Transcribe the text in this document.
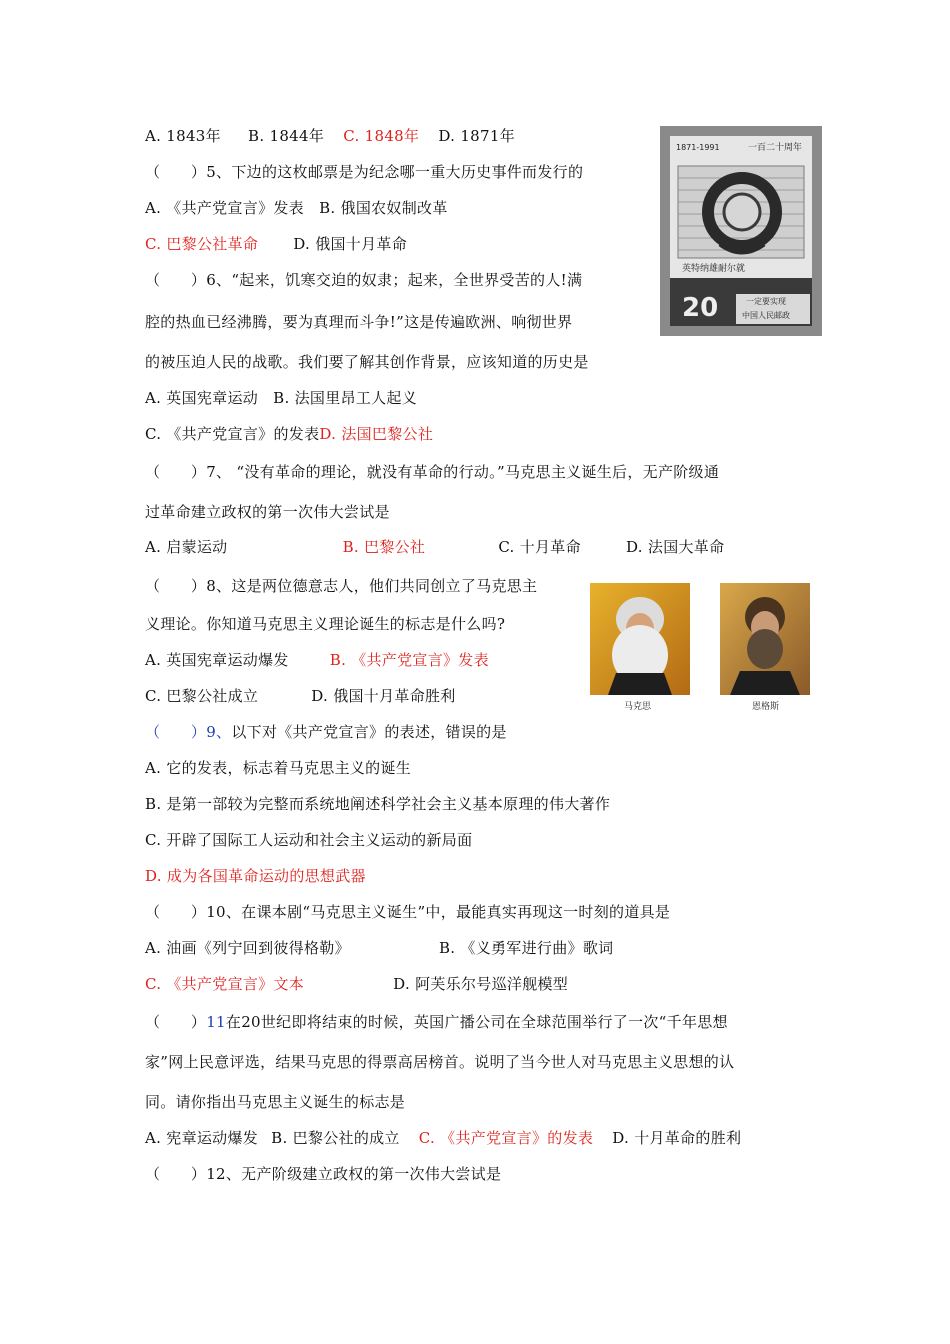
A. 1843年 B. 1844年 C. 1848年 D. 1871年
（　　）5、下边的这枚邮票是为纪念哪一重大历史事件而发行的
A. 《共产党宣言》发表 B. 俄国农奴制改革
C. 巴黎公社革命 D. 俄国十月革命
（　　）6、“起来，饥寒交迫的奴隶；起来，全世界受苦的人!满
腔的热血已经沸腾，要为真理而斗争!”这是传遍欧洲、响彻世界
的被压迫人民的战歌。我们要了解其创作背景，应该知道的历史是
A. 英国宪章运动 B. 法国里昂工人起义
C. 《共产党宣言》的发表D. 法国巴黎公社
（　　）7、 “没有革命的理论，就没有革命的行动。”马克思主义诞生后，无产阶级通
过革命建立政权的第一次伟大尝试是
A. 启蒙运动	B. 巴黎公社	C. 十月革命	D. 法国大革命
（　　）8、这是两位德意志人，他们共同创立了马克思主
义理论。你知道马克思主义理论诞生的标志是什么吗?
A. 英国宪章运动爆发	B. 《共产党宣言》发表
C. 巴黎公社成立	D. 俄国十月革命胜利
（　　）9、以下对《共产党宣言》的表述，错误的是
A. 它的发表，标志着马克思主义的诞生
B. 是第一部较为完整而系统地阐述科学社会主义基本原理的伟大著作
C. 开辟了国际工人运动和社会主义运动的新局面
D. 成为各国革命运动的思想武器
（　　）10、在课本剧“马克思主义诞生”中，最能真实再现这一时刻的道具是
A. 油画《列宁回到彼得格勒》	B. 《义勇军进行曲》歌词
C. 《共产党宣言》文本	D. 阿芙乐尔号巡洋舰模型
（　　）11在20世纪即将结束的时候，英国广播公司在全球范围举行了一次“千年思想
家”网上民意评选，结果马克思的得票高居榜首。说明了当今世人对马克思主义思想的认
同。请你指出马克思主义诞生的标志是
A. 宪章运动爆发 B. 巴黎公社的成立 C. 《共产党宣言》的发表 D. 十月革命的胜利
（　　）12、无产阶级建立政权的第一次伟大尝试是
1871-1991	一百二十周年
英特纳雄耐尔就
一定要实现
中国人民邮政
20
马克思	恩格斯
